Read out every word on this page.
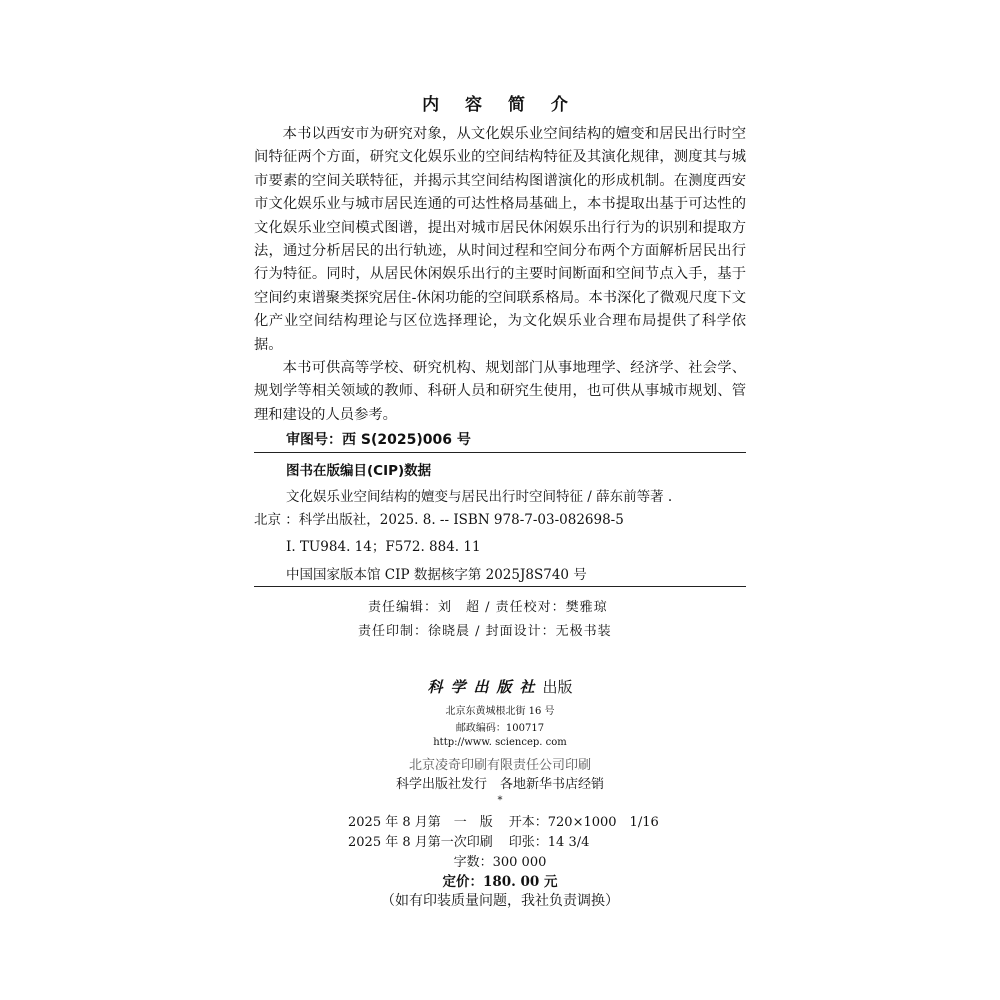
内 容 简 介

本书以西安市为研究对象，从文化娱乐业空间结构的嬗变和居民出行时空间特征两个方面，研究文化娱乐业的空间结构特征及其演化规律，测度其与城市要素的空间关联特征，并揭示其空间结构图谱演化的形成机制。在测度西安市文化娱乐业与城市居民连通的可达性格局基础上，本书提取出基于可达性的文化娱乐业空间模式图谱，提出对城市居民休闲娱乐出行行为的识别和提取方法，通过分析居民的出行轨迹，从时间过程和空间分布两个方面解析居民出行行为特征。同时，从居民休闲娱乐出行的主要时间断面和空间节点入手，基于空间约束谱聚类探究居住-休闲功能的空间联系格局。本书深化了微观尺度下文化产业空间结构理论与区位选择理论，为文化娱乐业合理布局提供了科学依据。

本书可供高等学校、研究机构、规划部门从事地理学、经济学、社会学、规划学等相关领域的教师、科研人员和研究生使用，也可供从事城市规划、管理和建设的人员参考。

审图号：西 S(2025)006 号
图书在版编目(CIP)数据
文化娱乐业空间结构的嬗变与居民出行时空间特征 / 薛东前等著 .
北京 ：科学出版社，2025. 8. -- ISBN 978-7-03-082698-5
Ⅰ. TU984. 14；F572. 884. 11
中国国家版本馆 CIP 数据核字第 2025J8S740 号
责任编辑：刘　超 / 责任校对：樊雅琼
责任印制：徐晓晨 / 封面设计：无极书装
科学出版社出版
北京东黄城根北街 16 号
邮政编码：100717
http://www. sciencep. com
北京凌奇印刷有限责任公司印刷
科学出版社发行　各地新华书店经销
*
2025 年 8 月第　一　版 开本：720×1000　1/16
2025 年 8 月第一次印刷 印张：14 3/4
字数：300 000
定价：180. 00 元
（如有印装质量问题，我社负责调换）
